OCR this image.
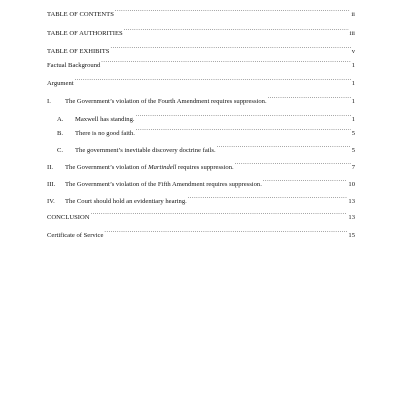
TABLE OF CONTENTS .....	ii
TABLE OF AUTHORITIES .....	iii
TABLE OF EXHIBITS .....	v
Factual Background .....	1
Argument .....	1
I. The Government’s violation of the Fourth Amendment requires suppression. .....	1
A. Maxwell has standing. .....	1
B. There is no good faith. .....	5
C. The government’s inevitable discovery doctrine fails. .....	5
II. The Government’s violation of Martindell requires suppression. .....	7
III. The Government’s violation of the Fifth Amendment requires suppression. .....	10
IV. The Court should hold an evidentiary hearing. .....	13
CONCLUSION .....	13
Certificate of Service .....	15
